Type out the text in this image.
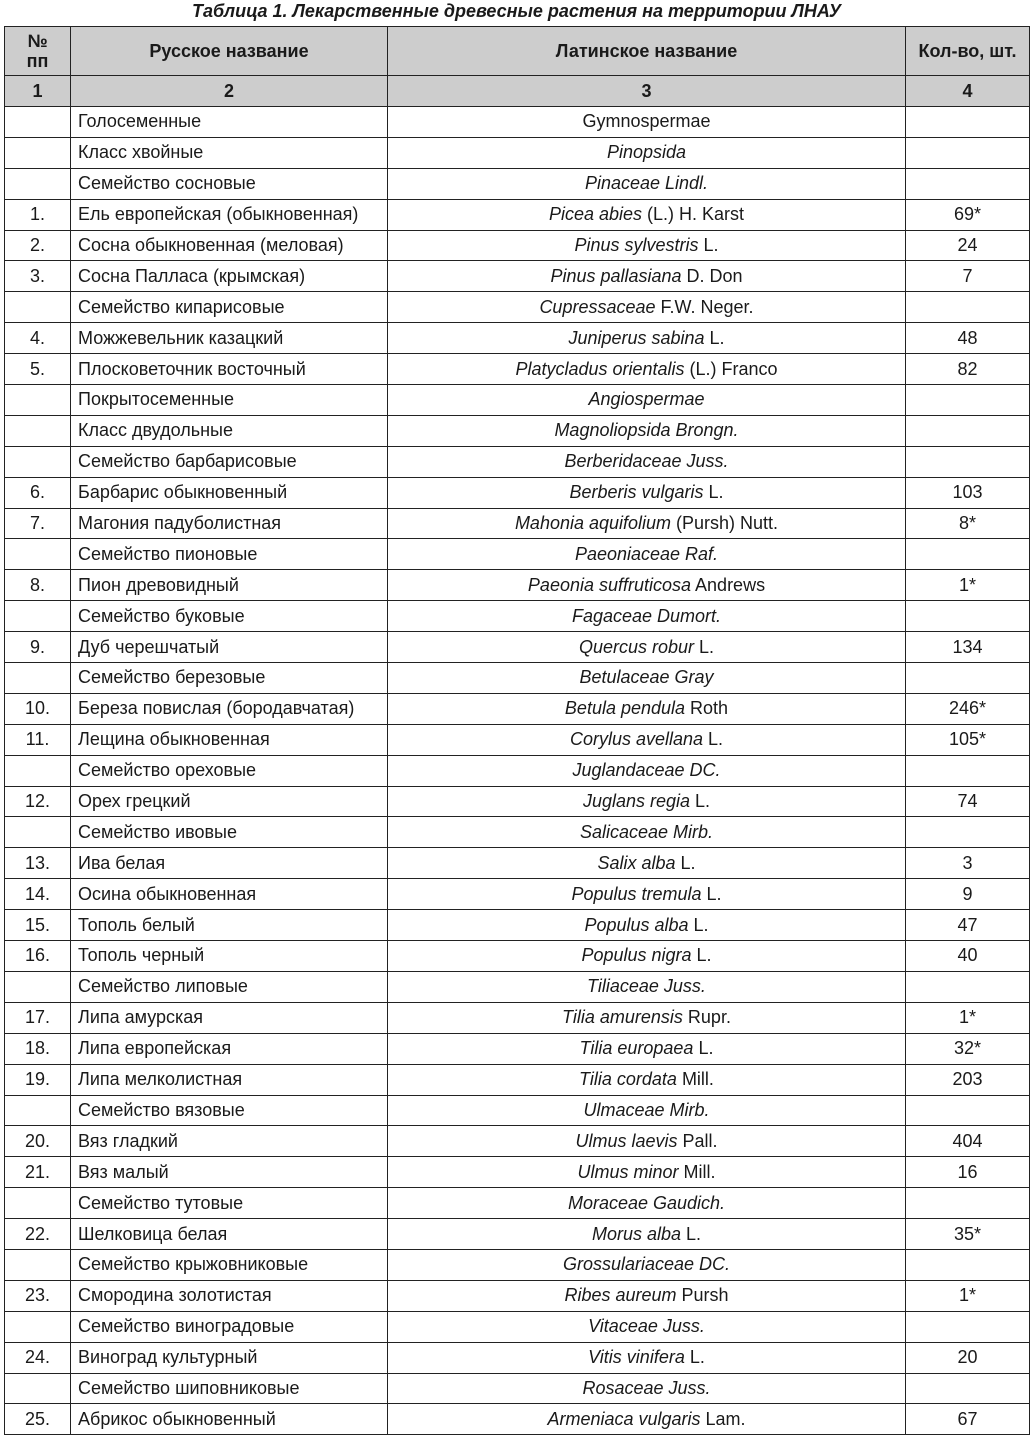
Таблица 1. Лекарственные древесные растения на территории ЛНАУ
№
пп	Русское название	Латинское название	Кол-во, шт.
1	2	3	4
	Голосеменные	Gymnospermae	
	Класс хвойные	Pinopsida	
	Семейство сосновые	Pinaceae Lindl.	
1.	Ель европейская (обыкновенная)	Picea abies (L.) H. Karst	69*
2.	Сосна обыкновенная (меловая)	Pinus sylvestris L.	24
3.	Сосна Палласа (крымская)	Pinus pallasiana D. Don	7
	Семейство кипарисовые	Cupressaceae F.W. Neger.	
4.	Можжевельник казацкий	Juniperus sabina L.	48
5.	Плосковеточник восточный	Platycladus orientalis (L.) Franco	82
	Покрытосеменные	Angiospermae	
	Класс двудольные	Magnoliopsida Brongn.	
	Семейство барбарисовые	Berberidaceae Juss.	
6.	Барбарис обыкновенный	Berberis vulgaris L.	103
7.	Магония падуболистная	Mahonia aquifolium (Pursh) Nutt.	8*
	Семейство пионовые	Paeoniaceae Raf.	
8.	Пион древовидный	Paeonia suffruticosa Andrews	1*
	Семейство буковые	Fagaceae Dumort.	
9.	Дуб черешчатый	Quercus robur L.	134
	Семейство березовые	Betulaceae Gray	
10.	Береза повислая (бородавчатая)	Betula pendula Roth	246*
11.	Лещина обыкновенная	Corylus avellana L.	105*
	Семейство ореховые	Juglandaceae DC.	
12.	Орех грецкий	Juglans regia L.	74
	Семейство ивовые	Salicaceae Mirb.	
13.	Ива белая	Salix alba L.	3
14.	Осина обыкновенная	Populus tremula L.	9
15.	Тополь белый	Populus alba L.	47
16.	Тополь черный	Populus nigra L.	40
	Семейство липовые	Tiliaceae Juss.	
17.	Липа амурская	Tilia amurensis Rupr.	1*
18.	Липа европейская	Tilia europaea L.	32*
19.	Липа мелколистная	Tilia cordata Mill.	203
	Семейство вязовые	Ulmaceae Mirb.	
20.	Вяз гладкий	Ulmus laevis Pall.	404
21.	Вяз малый	Ulmus minor Mill.	16
	Семейство тутовые	Moraceae Gaudich.	
22.	Шелковица белая	Morus alba L.	35*
	Семейство крыжовниковые	Grossulariaceae DC.	
23.	Смородина золотистая	Ribes aureum Pursh	1*
	Семейство виноградовые	Vitaceae Juss.	
24.	Виноград культурный	Vitis vinifera L.	20
	Семейство шиповниковые	Rosaceae Juss.	
25.	Абрикос обыкновенный	Armeniaca vulgaris Lam.	67
